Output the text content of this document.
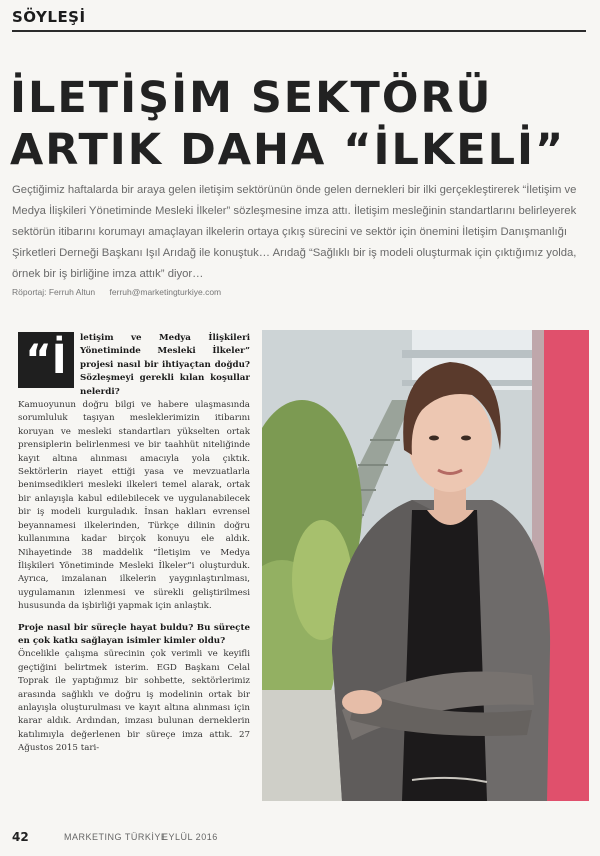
SÖYLEŞİ
İLETİŞİM SEKTÖRÜ
ARTIK DAHA “İLKELİ”
Geçtiğimiz haftalarda bir araya gelen iletişim sektörünün önde gelen dernekleri bir ilki gerçekleştirerek “İletişim ve Medya İlişkileri Yönetiminde Mesleki İlkeler” sözleşmesine imza attı. İletişim mesleğinin standartlarını belirleyerek sektörün itibarını korumayı amaçlayan ilkelerin ortaya çıkış sürecini ve sektör için önemini İletişim Danışmanlığı Şirketleri Derneği Başkanı Işıl Arıdağ ile konuştuk… Arıdağ “Sağlıklı bir iş modeli oluşturmak için çıktığımız yolda, örnek bir iş birliğine imza attık” diyor…
Röportaj: Ferruh Altun ferruh@marketingturkiye.com

“İ	letişim ve Medya İlişkileri Yönetiminde Mesleki İlkeler” projesi nasıl bir ihtiyaçtan doğdu? Sözleşmeyi gerekli kılan koşullar nelerdi?

Kamuoyunun doğru bilgi ve habere ulaşmasında sorumluluk taşıyan mesleklerimizin itibarını koruyan ve mesleki standartları yükselten ortak prensiplerin belirlenmesi ve bir taahhüt niteliğinde kayıt altına alınması amacıyla yola çıktık. Sektörlerin riayet ettiği yasa ve mevzuatlarla benimsedikleri mesleki ilkeleri temel alarak, ortak bir anlayışla kabul edilebilecek ve uygulanabilecek bir iş modeli kurguladık. İnsan hakları evrensel beyannamesi ilkelerinden, Türkçe dilinin doğru kullanımına kadar birçok konuyu ele aldık. Nihayetinde 38 maddelik “İletişim ve Medya İlişkileri Yönetiminde Mesleki İlkeler”i oluşturduk. Ayrıca, imzalanan ilkelerin yaygınlaştırılması, uygulamanın izlenmesi ve sürekli geliştirilmesi hususunda da işbirliği yapmak için anlaştık.

Proje nasıl bir süreçle hayat buldu? Bu süreçte en çok katkı sağlayan isimler kimler oldu?

Öncelikle çalışma sürecinin çok verimli ve keyifli geçtiğini belirtmek isterim. EGD Başkanı Celal Toprak ile yaptığımız bir sohbette, sektörlerimiz arasında sağlıklı ve doğru iş modelinin ortak bir anlayışla oluşturulması ve kayıt altına alınması için karar aldık. Ardından, imzası bulunan derneklerin katılımıyla değerlenen bir süreçe imza attık. 27 Ağustos 2015 tari-

42	MARKETING TÜRKİYE
EYLÜL 2016
